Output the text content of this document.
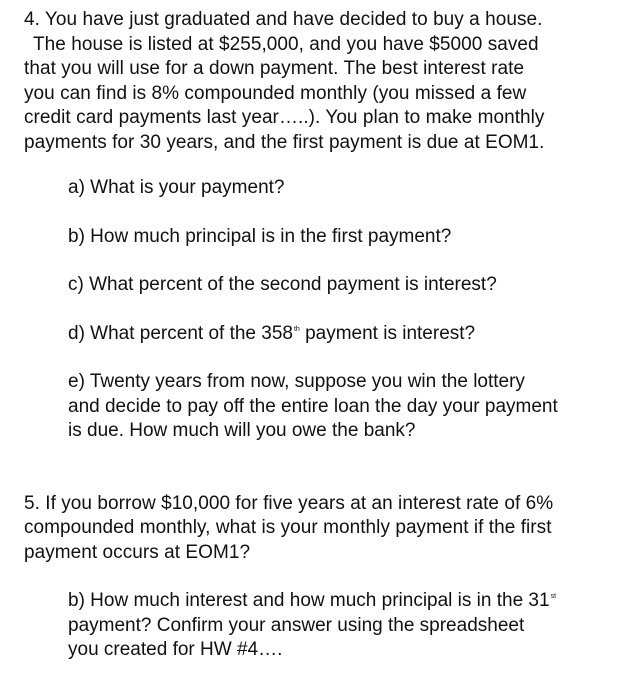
4. You have just graduated and have decided to buy a house.
The house is listed at $255,000, and you have $5000 saved
that you will use for a down payment. The best interest rate
you can find is 8% compounded monthly (you missed a few
credit card payments last year…..). You plan to make monthly
payments for 30 years, and the first payment is due at EOM1.

a) What is your payment?

b) How much principal is in the first payment?

c) What percent of the second payment is interest?

d) What percent of the 358th payment is interest?

e) Twenty years from now, suppose you win the lottery
and decide to pay off the entire loan the day your payment
is due. How much will you owe the bank?

5. If you borrow $10,000 for five years at an interest rate of 6%
compounded monthly, what is your monthly payment if the first
payment occurs at EOM1?

b) How much interest and how much principal is in the 31st
payment? Confirm your answer using the spreadsheet
you created for HW #4….
